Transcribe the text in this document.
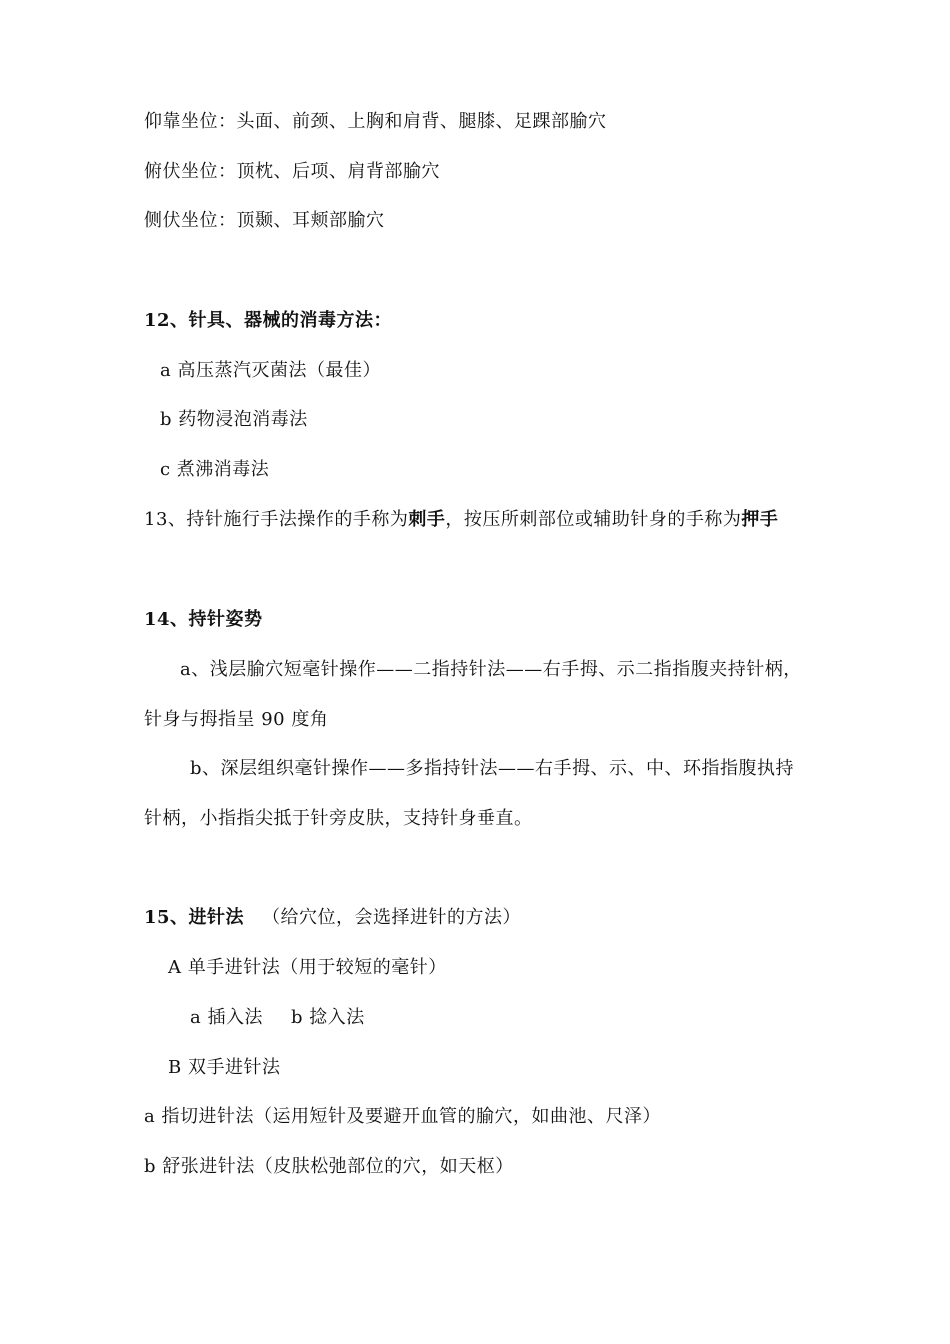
仰靠坐位：头面、前颈、上胸和肩背、腿膝、足踝部腧穴
俯伏坐位：顶枕、后项、肩背部腧穴
侧伏坐位：顶颞、耳颊部腧穴
12、针具、器械的消毒方法：
a 高压蒸汽灭菌法（最佳）
b 药物浸泡消毒法
c 煮沸消毒法
13、持针施行手法操作的手称为刺手，按压所刺部位或辅助针身的手称为押手
14、持针姿势
a、浅层腧穴短毫针操作——二指持针法——右手拇、示二指指腹夹持针柄，
针身与拇指呈 90 度角
b、深层组织毫针操作——多指持针法——右手拇、示、中、环指指腹执持
针柄，小指指尖抵于针旁皮肤，支持针身垂直。
15、进针法 （给穴位，会选择进针的方法）
A 单手进针法（用于较短的毫针）
a 插入法 b 捻入法
B 双手进针法
a 指切进针法（运用短针及要避开血管的腧穴，如曲池、尺泽）
b 舒张进针法（皮肤松弛部位的穴，如天枢）
